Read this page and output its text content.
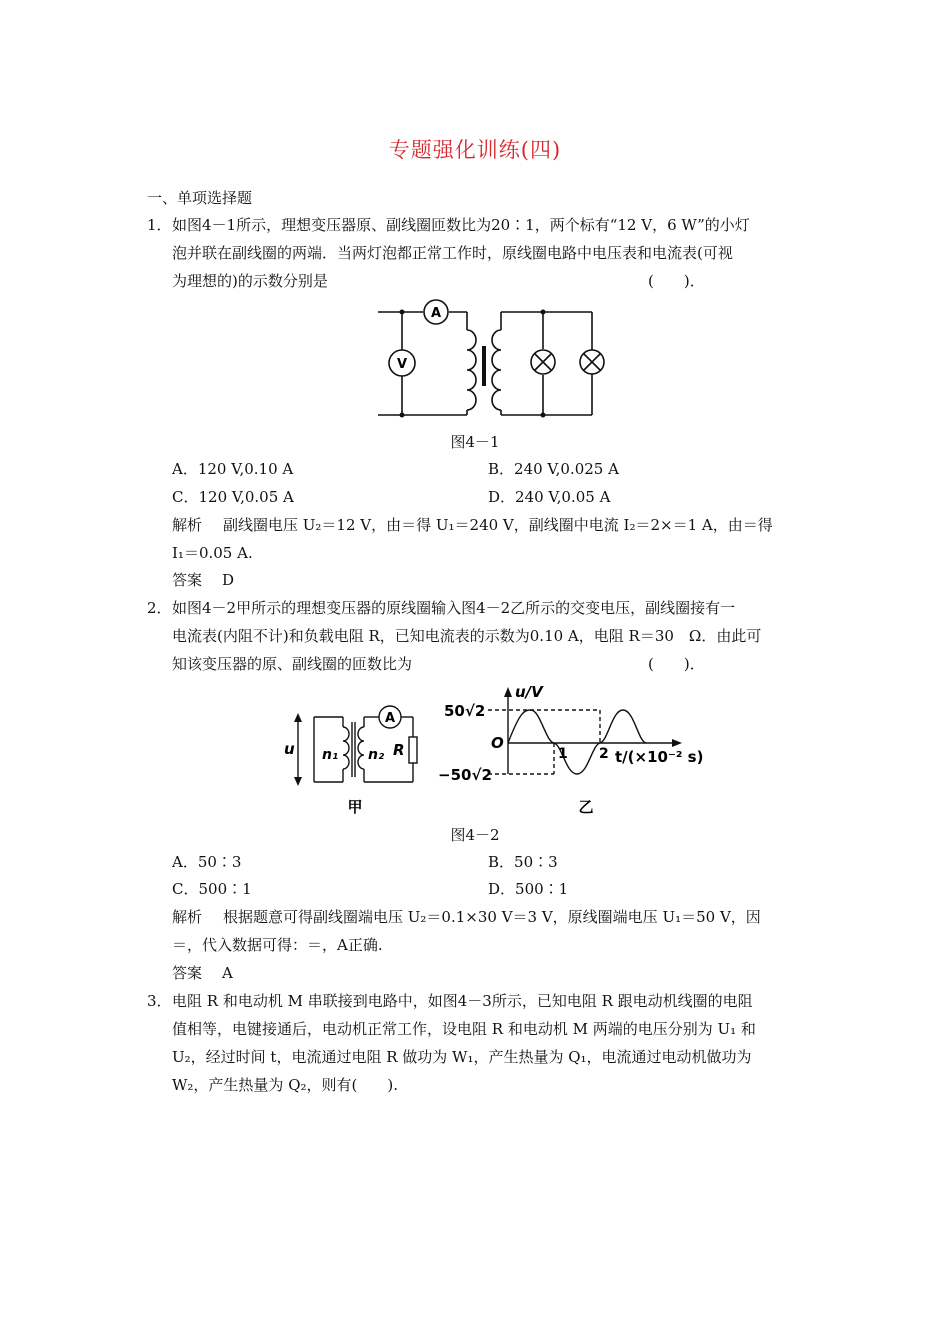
专题强化训练(四)
一、单项选择题
1． 如图4－1所示，理想变压器原、副线圈匝数比为20∶1，两个标有“12 V，6 W”的小灯
泡并联在副线圈的两端．当两灯泡都正常工作时，原线圈电路中电压表和电流表(可视
为理想的)的示数分别是	(　　)．
A
V
图4－1
A．120 V,0.10 A	B．240 V,0.025 A
C．120 V,0.05 A	D．240 V,0.05 A
解析 副线圈电压 U₂＝12 V，由＝得 U₁＝240 V，副线圈中电流 I₂＝2×＝1 A，由＝得
I₁＝0.05 A.
答案 D
2． 如图4－2甲所示的理想变压器的原线圈输入图4－2乙所示的交变电压，副线圈接有一
电流表(内阻不计)和负载电阻 R，已知电流表的示数为0.10 A，电阻 R＝30　Ω．由此可
知该变压器的原、副线圈的匝数比为	(　　)．
A
u n₁ n₂ R
甲
u/V
50√2
−50√2
O
1 2 t/(×10⁻² s)
乙
图4－2
A．50∶3	B．50∶3
C．500∶1	D．500∶1
解析 根据题意可得副线圈端电压 U₂＝0.1×30 V＝3 V，原线圈端电压 U₁＝50 V，因
＝，代入数据可得：＝，A正确.
答案 A
3． 电阻 R 和电动机 M 串联接到电路中，如图4－3所示，已知电阻 R 跟电动机线圈的电阻
值相等，电键接通后，电动机正常工作，设电阻 R 和电动机 M 两端的电压分别为 U₁ 和
U₂，经过时间 t，电流通过电阻 R 做功为 W₁，产生热量为 Q₁，电流通过电动机做功为
W₂，产生热量为 Q₂，则有(　　).
